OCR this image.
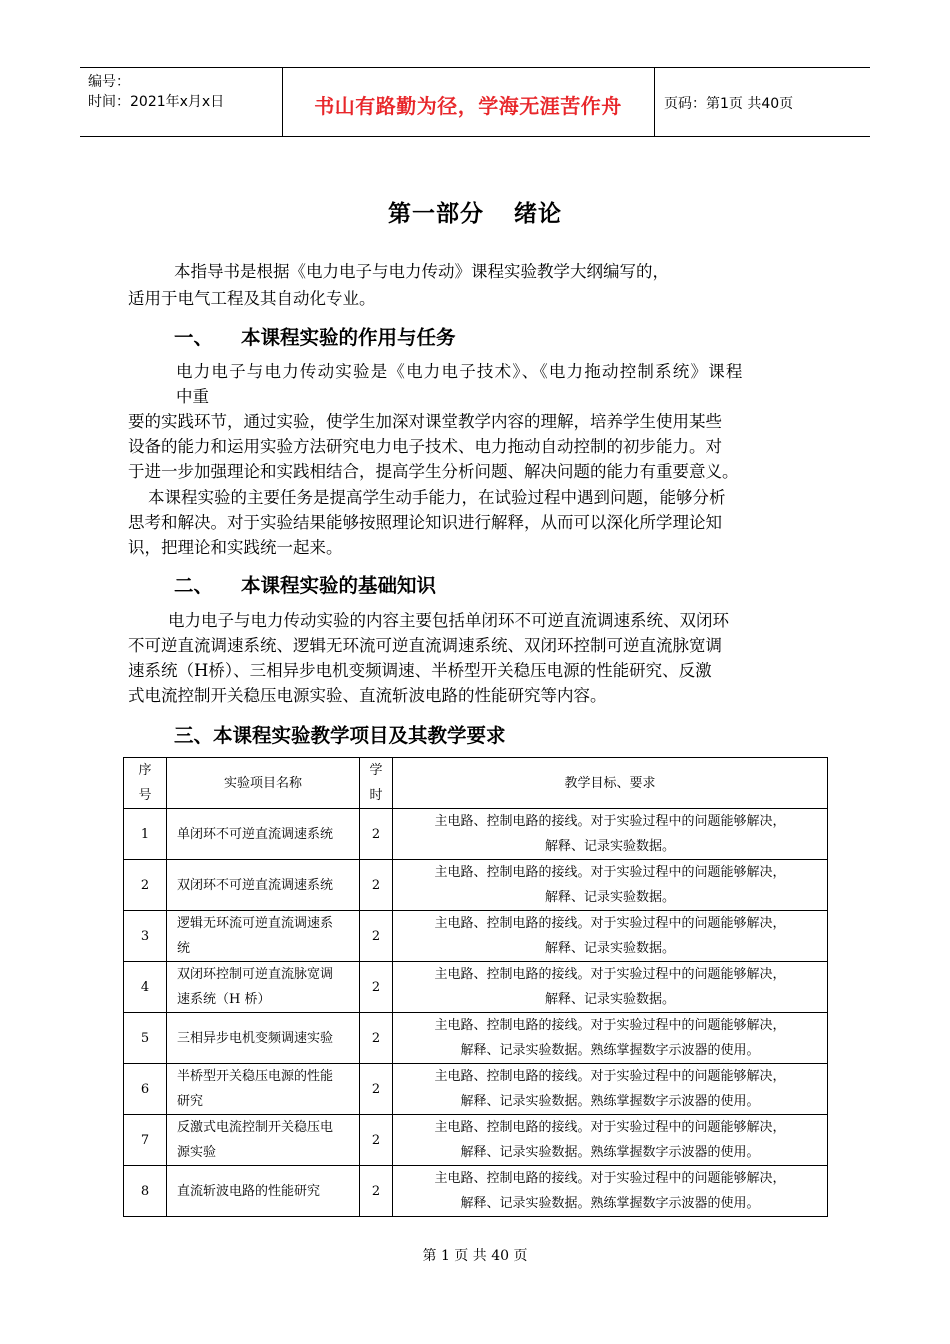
编号：
时间：2021年x月x日	书山有路勤为径，学海无涯苦作舟	页码：第1页 共40页
第一部分 绪论
本指导书是根据《电力电子与电力传动》课程实验教学大纲编写的，
适用于电气工程及其自动化专业。
一、 本课程实验的作用与任务
电力电子与电力传动实验是《电力电子技术》、《电力拖动控制系统》课程
中重
要的实践环节，通过实验，使学生加深对课堂教学内容的理解，培养学生使用某些
设备的能力和运用实验方法研究电力电子技术、电力拖动自动控制的初步能力。对
于进一步加强理论和实践相结合，提高学生分析问题、解决问题的能力有重要意义。
本课程实验的主要任务是提高学生动手能力，在试验过程中遇到问题，能够分析
思考和解决。对于实验结果能够按照理论知识进行解释，从而可以深化所学理论知
识，把理论和实践统一起来。
二、 本课程实验的基础知识
电力电子与电力传动实验的内容主要包括单闭环不可逆直流调速系统、双闭环
不可逆直流调速系统、逻辑无环流可逆直流调速系统、双闭环控制可逆直流脉宽调
速系统（H桥）、三相异步电机变频调速、半桥型开关稳压电源的性能研究、反激
式电流控制开关稳压电源实验、直流斩波电路的性能研究等内容。
三、本课程实验教学项目及其教学要求
序
号	实验项目名称	学
时	教学目标、要求
1	单闭环不可逆直流调速系统	2	主电路、控制电路的接线。对于实验过程中的问题能够解决，
解释、记录实验数据。
2	双闭环不可逆直流调速系统	2	主电路、控制电路的接线。对于实验过程中的问题能够解决，
解释、记录实验数据。
3	逻辑无环流可逆直流调速系
统	2	主电路、控制电路的接线。对于实验过程中的问题能够解决，
解释、记录实验数据。
4	双闭环控制可逆直流脉宽调
速系统（H 桥）	2	主电路、控制电路的接线。对于实验过程中的问题能够解决，
解释、记录实验数据。
5	三相异步电机变频调速实验	2	主电路、控制电路的接线。对于实验过程中的问题能够解决，
解释、记录实验数据。熟练掌握数字示波器的使用。
6	半桥型开关稳压电源的性能
研究	2	主电路、控制电路的接线。对于实验过程中的问题能够解决，
解释、记录实验数据。熟练掌握数字示波器的使用。
7	反激式电流控制开关稳压电
源实验	2	主电路、控制电路的接线。对于实验过程中的问题能够解决，
解释、记录实验数据。熟练掌握数字示波器的使用。
8	直流斩波电路的性能研究	2	主电路、控制电路的接线。对于实验过程中的问题能够解决，
解释、记录实验数据。熟练掌握数字示波器的使用。
第 1 页 共 40 页
